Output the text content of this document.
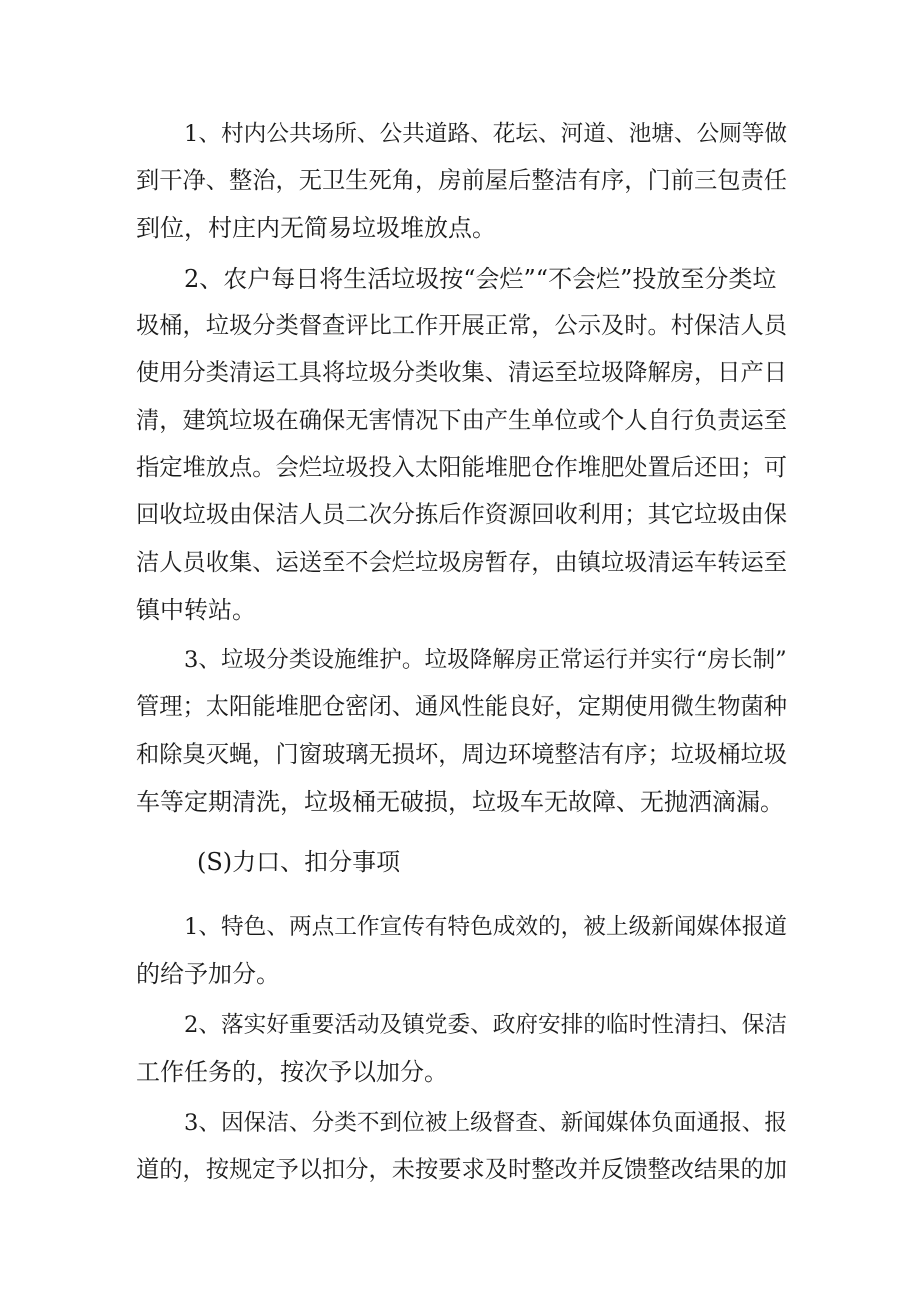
1、村内公共场所、公共道路、花坛、河道、池塘、公厕等做

到干净、整治，无卫生死角，房前屋后整洁有序，门前三包责任

到位，村庄内无简易垃圾堆放点。

2、农户每日将生活垃圾按“会烂”“不会烂”投放至分类垃

圾桶，垃圾分类督查评比工作开展正常，公示及时。村保洁人员

使用分类清运工具将垃圾分类收集、清运至垃圾降解房，日产日

清，建筑垃圾在确保无害情况下由产生单位或个人自行负责运至

指定堆放点。会烂垃圾投入太阳能堆肥仓作堆肥处置后还田；可

回收垃圾由保洁人员二次分拣后作资源回收利用；其它垃圾由保

洁人员收集、运送至不会烂垃圾房暂存，由镇垃圾清运车转运至

镇中转站。

3、垃圾分类设施维护。垃圾降解房正常运行并实行“房长制”

管理；太阳能堆肥仓密闭、通风性能良好，定期使用微生物菌种

和除臭灭蝇，门窗玻璃无损坏，周边环境整洁有序；垃圾桶垃圾

车等定期清洗，垃圾桶无破损，垃圾车无故障、无抛洒滴漏。

(S)力口、扣分事项

1、特色、两点工作宣传有特色成效的，被上级新闻媒体报道

的给予加分。

2、落实好重要活动及镇党委、政府安排的临时性清扫、保洁

工作任务的，按次予以加分。

3、因保洁、分类不到位被上级督查、新闻媒体负面通报、报

道的，按规定予以扣分，未按要求及时整改并反馈整改结果的加
